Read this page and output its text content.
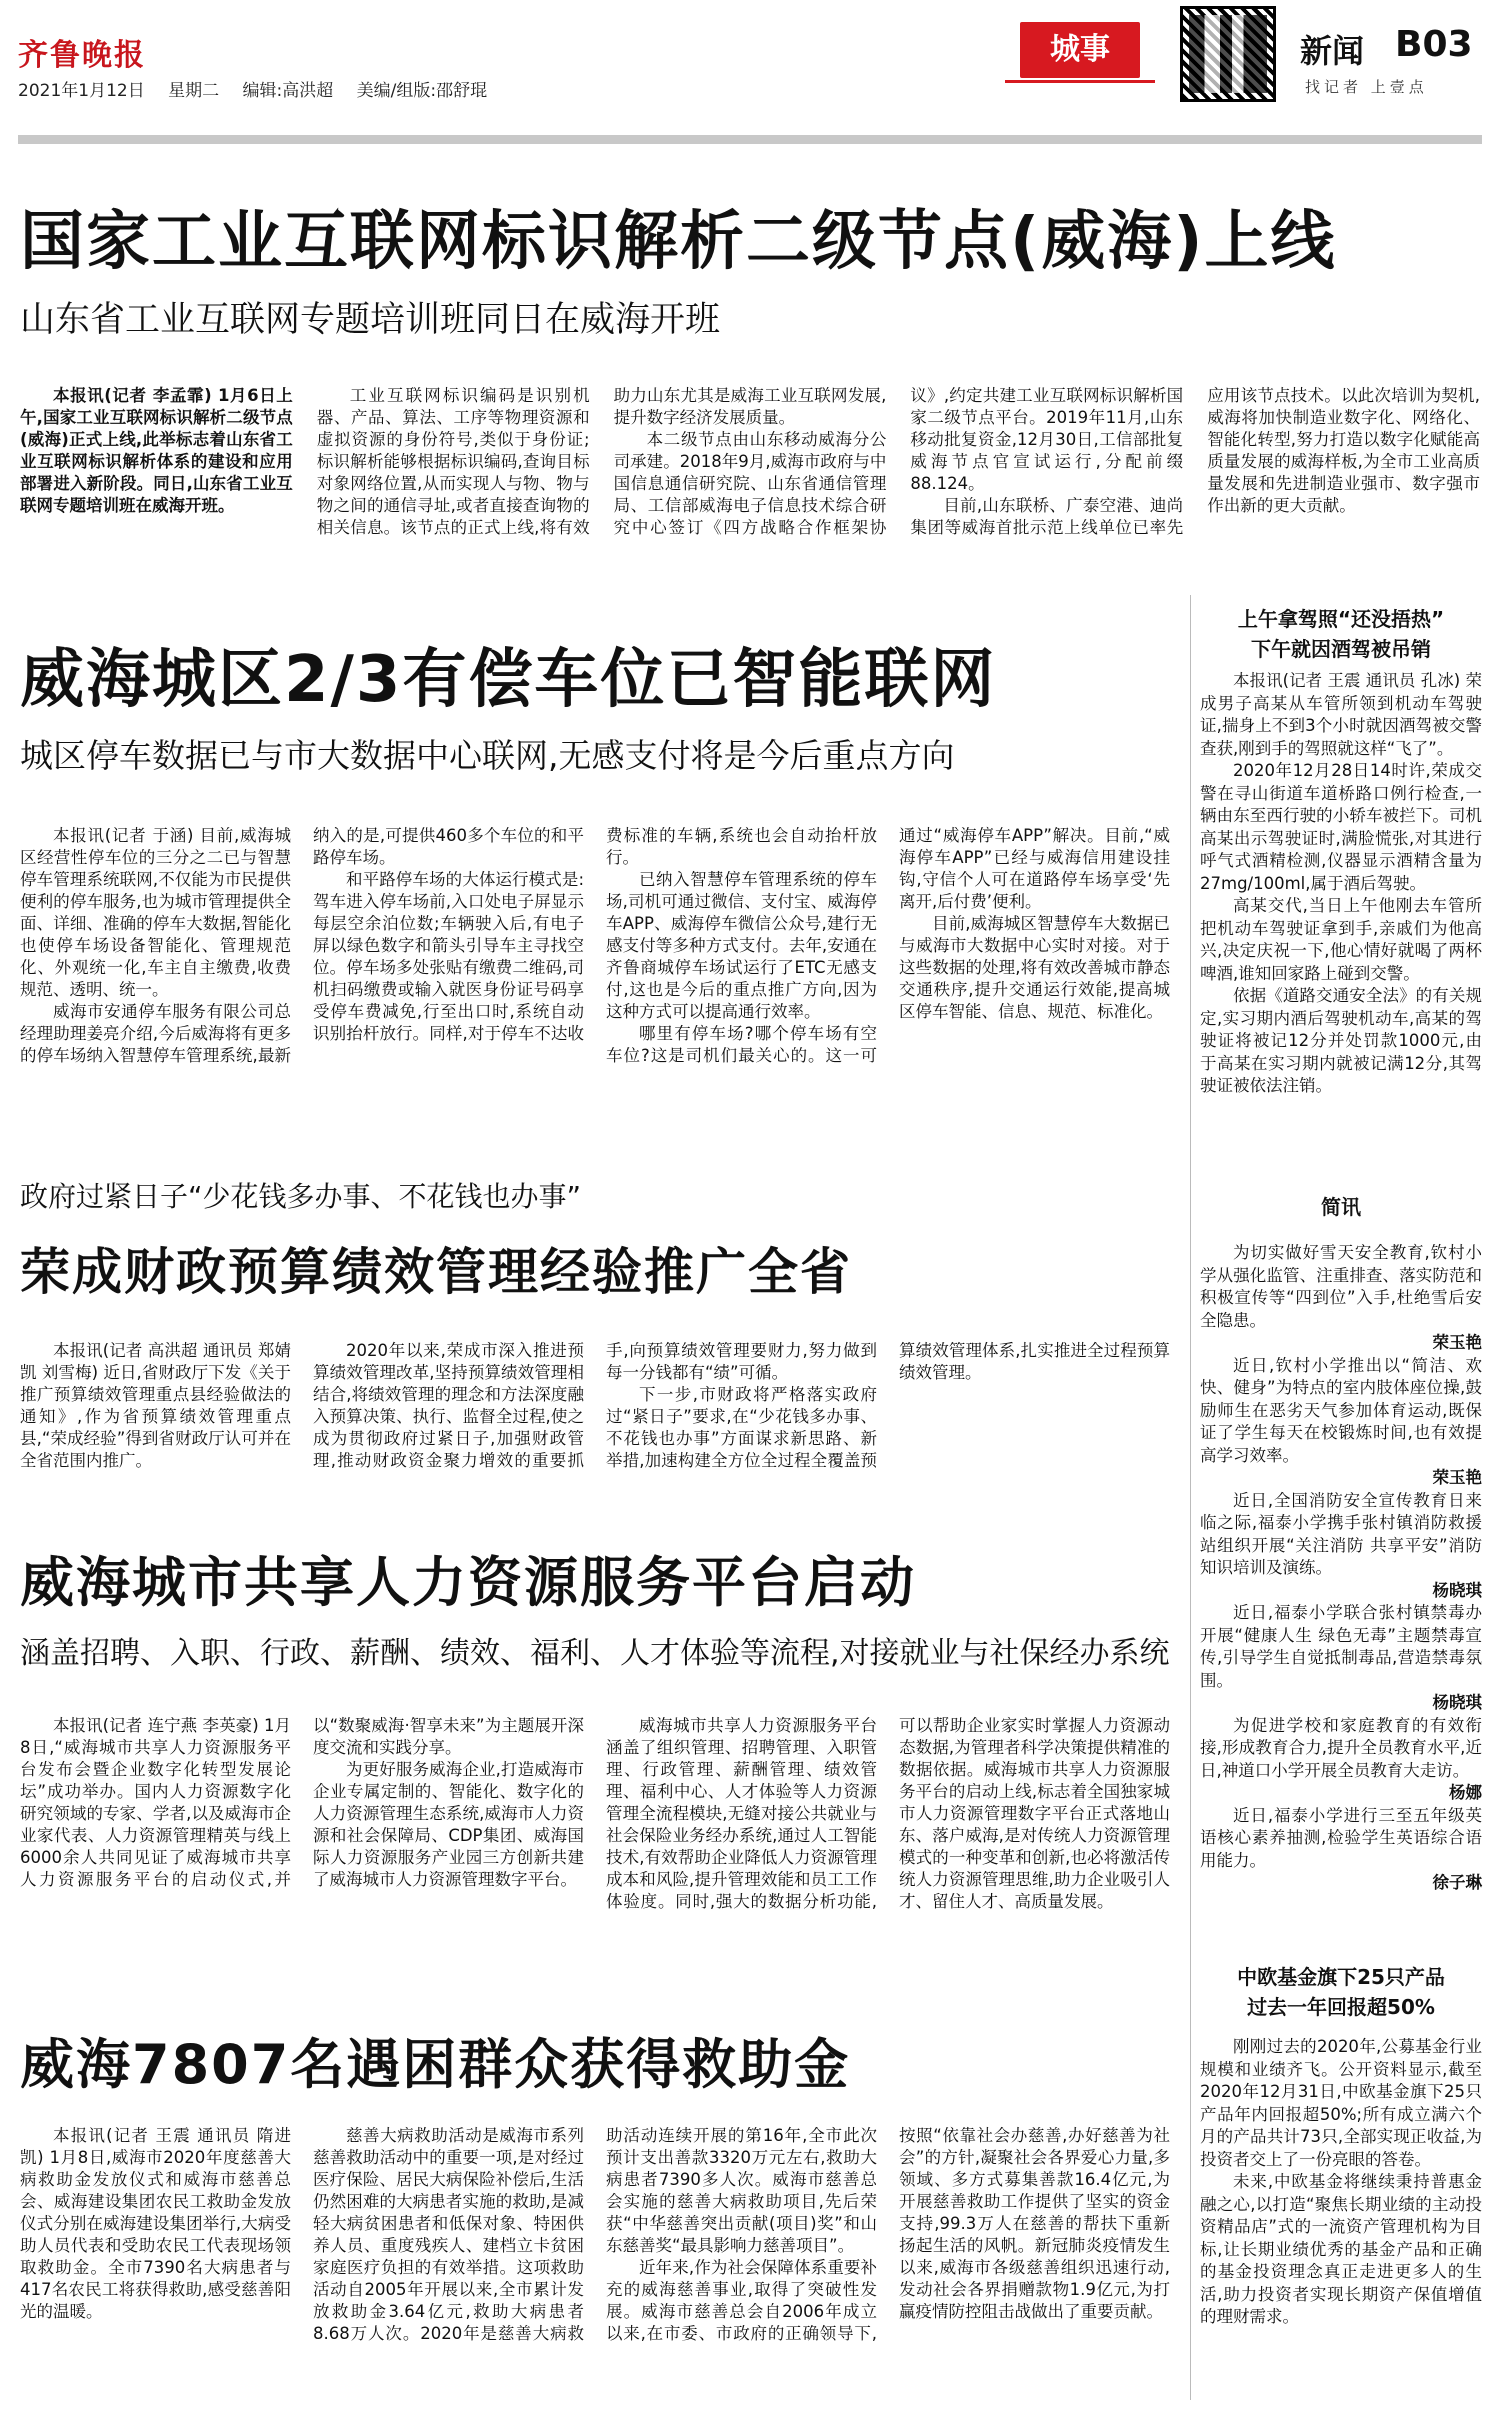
齐鲁晚报
2021年1月12日 星期二 编辑:高洪超 美编/组版:邵舒琨
城事	新闻 B03
找记者 上壹点
国家工业互联网标识解析二级节点(威海)上线
山东省工业互联网专题培训班同日在威海开班

本报讯(记者 李孟霏) 1月6日上午,国家工业互联网标识解析二级节点(威海)正式上线,此举标志着山东省工业互联网标识解析体系的建设和应用部署进入新阶段。同日,山东省工业互联网专题培训班在威海开班。

工业互联网标识编码是识别机器、产品、算法、工序等物理资源和虚拟资源的身份符号,类似于身份证;标识解析能够根据标识编码,查询目标对象网络位置,从而实现人与物、物与物之间的通信寻址,或者直接查询物的相关信息。该节点的正式上线,将有效助力山东尤其是威海工业互联网发展,提升数字经济发展质量。

本二级节点由山东移动威海分公司承建。2018年9月,威海市政府与中国信息通信研究院、山东省通信管理局、工信部威海电子信息技术综合研究中心签订《四方战略合作框架协议》,约定共建工业互联网标识解析国家二级节点平台。2019年11月,山东移动批复资金,12月30日,工信部批复威海节点官宣试运行,分配前缀88.124。

目前,山东联桥、广泰空港、迪尚集团等威海首批示范上线单位已率先应用该节点技术。以此次培训为契机,威海将加快制造业数字化、网络化、智能化转型,努力打造以数字化赋能高质量发展的威海样板,为全市工业高质量发展和先进制造业强市、数字强市作出新的更大贡献。

威海城区2/3有偿车位已智能联网
城区停车数据已与市大数据中心联网,无感支付将是今后重点方向

本报讯(记者 于涵) 目前,威海城区经营性停车位的三分之二已与智慧停车管理系统联网,不仅能为市民提供便利的停车服务,也为城市管理提供全面、详细、准确的停车大数据,智能化也使停车场设备智能化、管理规范化、外观统一化,车主自主缴费,收费规范、透明、统一。

威海市安通停车服务有限公司总经理助理姜亮介绍,今后威海将有更多的停车场纳入智慧停车管理系统,最新纳入的是,可提供460多个车位的和平路停车场。

和平路停车场的大体运行模式是:驾车进入停车场前,入口处电子屏显示每层空余泊位数;车辆驶入后,有电子屏以绿色数字和箭头引导车主寻找空位。停车场多处张贴有缴费二维码,司机扫码缴费或输入就医身份证号码享受停车费减免,行至出口时,系统自动识别抬杆放行。同样,对于停车不达收费标准的车辆,系统也会自动抬杆放行。

已纳入智慧停车管理系统的停车场,司机可通过微信、支付宝、威海停车APP、威海停车微信公众号,建行无感支付等多种方式支付。去年,安通在齐鲁商城停车场试运行了ETC无感支付,这也是今后的重点推广方向,因为这种方式可以提高通行效率。

哪里有停车场?哪个停车场有空车位?这是司机们最关心的。这一可通过“威海停车APP”解决。目前,“威海停车APP”已经与威海信用建设挂钩,守信个人可在道路停车场享受‘先离开,后付费’便利。

目前,威海城区智慧停车大数据已与威海市大数据中心实时对接。对于这些数据的处理,将有效改善城市静态交通秩序,提升交通运行效能,提高城区停车智能、信息、规范、标准化。

政府过紧日子“少花钱多办事、不花钱也办事”
荣成财政预算绩效管理经验推广全省

本报讯(记者 高洪超 通讯员 郑婧凯 刘雪梅) 近日,省财政厅下发《关于推广预算绩效管理重点县经验做法的通知》,作为省预算绩效管理重点县,“荣成经验”得到省财政厅认可并在全省范围内推广。

2020年以来,荣成市深入推进预算绩效管理改革,坚持预算绩效管理相结合,将绩效管理的理念和方法深度融入预算决策、执行、监督全过程,使之成为贯彻政府过紧日子,加强财政管理,推动财政资金聚力增效的重要抓手,向预算绩效管理要财力,努力做到每一分钱都有“绩”可循。

下一步,市财政将严格落实政府过“紧日子”要求,在“少花钱多办事、不花钱也办事”方面谋求新思路、新举措,加速构建全方位全过程全覆盖预算绩效管理体系,扎实推进全过程预算绩效管理。

威海城市共享人力资源服务平台启动
涵盖招聘、入职、行政、薪酬、绩效、福利、人才体验等流程,对接就业与社保经办系统

本报讯(记者 连宁燕 李英豪) 1月8日,“威海城市共享人力资源服务平台发布会暨企业数字化转型发展论坛”成功举办。国内人力资源数字化研究领域的专家、学者,以及威海市企业家代表、人力资源管理精英与线上6000余人共同见证了威海城市共享人力资源服务平台的启动仪式,并以“数聚威海·智享未来”为主题展开深度交流和实践分享。

为更好服务威海企业,打造威海市企业专属定制的、智能化、数字化的人力资源管理生态系统,威海市人力资源和社会保障局、CDP集团、威海国际人力资源服务产业园三方创新共建了威海城市人力资源管理数字平台。

威海城市共享人力资源服务平台涵盖了组织管理、招聘管理、入职管理、行政管理、薪酬管理、绩效管理、福利中心、人才体验等人力资源管理全流程模块,无缝对接公共就业与社会保险业务经办系统,通过人工智能技术,有效帮助企业降低人力资源管理成本和风险,提升管理效能和员工工作体验度。同时,强大的数据分析功能,可以帮助企业家实时掌握人力资源动态数据,为管理者科学决策提供精准的数据依据。威海城市共享人力资源服务平台的启动上线,标志着全国独家城市人力资源管理数字平台正式落地山东、落户威海,是对传统人力资源管理模式的一种变革和创新,也必将激活传统人力资源管理思维,助力企业吸引人才、留住人才、高质量发展。

威海7807名遇困群众获得救助金

本报讯(记者 王震 通讯员 隋进凯) 1月8日,威海市2020年度慈善大病救助金发放仪式和威海市慈善总会、威海建设集团农民工救助金发放仪式分别在威海建设集团举行,大病受助人员代表和受助农民工代表现场领取救助金。全市7390名大病患者与417名农民工将获得救助,感受慈善阳光的温暖。

慈善大病救助活动是威海市系列慈善救助活动中的重要一项,是对经过医疗保险、居民大病保险补偿后,生活仍然困难的大病患者实施的救助,是减轻大病贫困患者和低保对象、特困供养人员、重度残疾人、建档立卡贫困家庭医疗负担的有效举措。这项救助活动自2005年开展以来,全市累计发放救助金3.64亿元,救助大病患者8.68万人次。2020年是慈善大病救助活动连续开展的第16年,全市此次预计支出善款3320万元左右,救助大病患者7390多人次。威海市慈善总会实施的慈善大病救助项目,先后荣获“中华慈善突出贡献(项目)奖”和山东慈善奖“最具影响力慈善项目”。

近年来,作为社会保障体系重要补充的威海慈善事业,取得了突破性发展。威海市慈善总会自2006年成立以来,在市委、市政府的正确领导下,按照“依靠社会办慈善,办好慈善为社会”的方针,凝聚社会各界爱心力量,多领域、多方式募集善款16.4亿元,为开展慈善救助工作提供了坚实的资金支持,99.3万人在慈善的帮扶下重新扬起生活的风帆。新冠肺炎疫情发生以来,威海市各级慈善组织迅速行动,发动社会各界捐赠款物1.9亿元,为打赢疫情防控阻击战做出了重要贡献。

上午拿驾照“还没捂热”
下午就因酒驾被吊销

本报讯(记者 王震 通讯员 孔冰) 荣成男子高某从车管所领到机动车驾驶证,揣身上不到3个小时就因酒驾被交警查获,刚到手的驾照就这样“飞了”。

2020年12月28日14时许,荣成交警在寻山街道车道桥路口例行检查,一辆由东至西行驶的小轿车被拦下。司机高某出示驾驶证时,满脸慌张,对其进行呼气式酒精检测,仪器显示酒精含量为27mg/100ml,属于酒后驾驶。

高某交代,当日上午他刚去车管所把机动车驾驶证拿到手,亲戚们为他高兴,决定庆祝一下,他心情好就喝了两杯啤酒,谁知回家路上碰到交警。

依据《道路交通安全法》的有关规定,实习期内酒后驾驶机动车,高某的驾驶证将被记12分并处罚款1000元,由于高某在实习期内就被记满12分,其驾驶证被依法注销。

简讯

为切实做好雪天安全教育,钦村小学从强化监管、注重排查、落实防范和积极宣传等“四到位”入手,杜绝雪后安全隐患。

荣玉艳

近日,钦村小学推出以“简洁、欢快、健身”为特点的室内肢体座位操,鼓励师生在恶劣天气参加体育运动,既保证了学生每天在校锻炼时间,也有效提高学习效率。

荣玉艳

近日,全国消防安全宣传教育日来临之际,福泰小学携手张村镇消防救援站组织开展“关注消防 共享平安”消防知识培训及演练。

杨晓琪

近日,福泰小学联合张村镇禁毒办开展“健康人生 绿色无毒”主题禁毒宣传,引导学生自觉抵制毒品,营造禁毒氛围。

杨晓琪

为促进学校和家庭教育的有效衔接,形成教育合力,提升全员教育水平,近日,神道口小学开展全员教育大走访。

杨娜

近日,福泰小学进行三至五年级英语核心素养抽测,检验学生英语综合语用能力。

徐子琳
中欧基金旗下25只产品
过去一年回报超50%

刚刚过去的2020年,公募基金行业规模和业绩齐飞。公开资料显示,截至2020年12月31日,中欧基金旗下25只产品年内回报超50%;所有成立满六个月的产品共计73只,全部实现正收益,为投资者交上了一份亮眼的答卷。

未来,中欧基金将继续秉持普惠金融之心,以打造“聚焦长期业绩的主动投资精品店”式的一流资产管理机构为目标,让长期业绩优秀的基金产品和正确的基金投资理念真正走进更多人的生活,助力投资者实现长期资产保值增值的理财需求。
